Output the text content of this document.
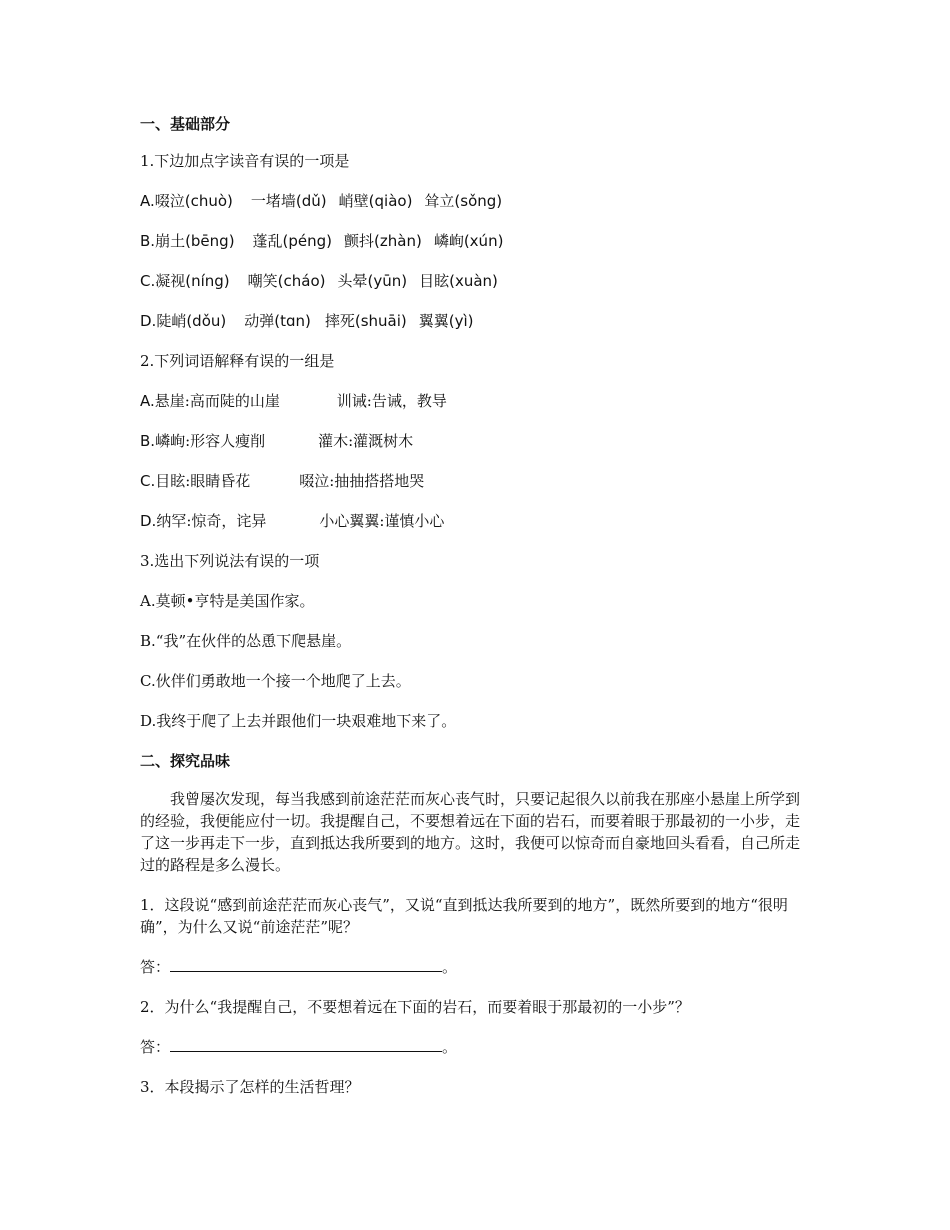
一、基础部分
1.下边加点字读音有误的一项是
A.啜泣(chuò) 一堵墙(dǔ) 峭壁(qiào) 耸立(sǒng)
B.崩土(bēng) 蓬乱(péng) 颤抖(zhàn) 嶙峋(xún)
C.凝视(níng) 嘲笑(cháo) 头晕(yūn) 目眩(xuàn)
D.陡峭(dǒu) 动弹(tɑn) 摔死(shuāi) 翼翼(yì)
2.下列词语解释有误的一组是
A.悬崖:高而陡的山崖	训诫:告诫，教导
B.嶙峋:形容人瘦削	灌木:灌溉树木
C.目眩:眼睛昏花	啜泣:抽抽搭搭地哭
D.纳罕:惊奇，诧异	小心翼翼:谨慎小心
3.选出下列说法有误的一项
A.莫顿•亨特是美国作家。
B.“我”在伙伴的怂恿下爬悬崖。
C.伙伴们勇敢地一个接一个地爬了上去。
D.我终于爬了上去并跟他们一块艰难地下来了。
二、探究品味
我曾屡次发现，每当我感到前途茫茫而灰心丧气时，只要记起很久以前我在那座小悬崖上所学到的经验，我便能应付一切。我提醒自己，不要想着远在下面的岩石，而要着眼于那最初的一小步，走了这一步再走下一步，直到抵达我所要到的地方。这时，我便可以惊奇而自豪地回头看看，自己所走过的路程是多么漫长。
1．这段说“感到前途茫茫而灰心丧气”，又说“直到抵达我所要到的地方”，既然所要到的地方“很明确”，为什么又说“前途茫茫”呢？
答：	。
2．为什么“我提醒自己，不要想着远在下面的岩石，而要着眼于那最初的一小步”？
答：	。
3．本段揭示了怎样的生活哲理？
